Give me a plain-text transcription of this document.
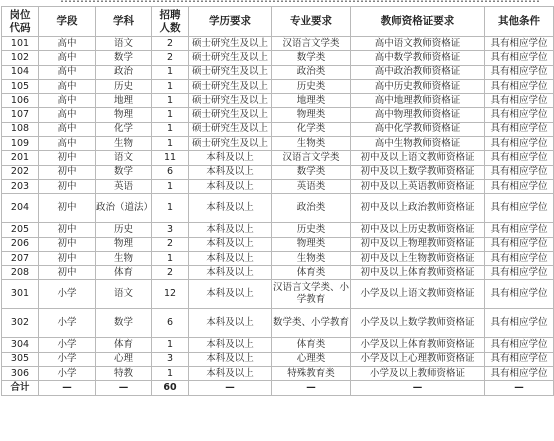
岗位代码	学段	学科	招聘人数	学历要求	专业要求	教师资格证要求	其他条件
101	高中	语文	2	硕士研究生及以上	汉语言文学类	高中语文教师资格证	具有相应学位
102	高中	数学	2	硕士研究生及以上	数学类	高中数学教师资格证	具有相应学位
104	高中	政治	1	硕士研究生及以上	政治类	高中政治教师资格证	具有相应学位
105	高中	历史	1	硕士研究生及以上	历史类	高中历史教师资格证	具有相应学位
106	高中	地理	1	硕士研究生及以上	地理类	高中地理教师资格证	具有相应学位
107	高中	物理	1	硕士研究生及以上	物理类	高中物理教师资格证	具有相应学位
108	高中	化学	1	硕士研究生及以上	化学类	高中化学教师资格证	具有相应学位
109	高中	生物	1	硕士研究生及以上	生物类	高中生物教师资格证	具有相应学位
201	初中	语文	11	本科及以上	汉语言文学类	初中及以上语文教师资格证	具有相应学位
202	初中	数学	6	本科及以上	数学类	初中及以上数学教师资格证	具有相应学位
203	初中	英语	1	本科及以上	英语类	初中及以上英语教师资格证	具有相应学位
204	初中	政治（道法）	1	本科及以上	政治类	初中及以上政治教师资格证	具有相应学位
205	初中	历史	3	本科及以上	历史类	初中及以上历史教师资格证	具有相应学位
206	初中	物理	2	本科及以上	物理类	初中及以上物理教师资格证	具有相应学位
207	初中	生物	1	本科及以上	生物类	初中及以上生物教师资格证	具有相应学位
208	初中	体育	2	本科及以上	体育类	初中及以上体育教师资格证	具有相应学位
301	小学	语文	12	本科及以上	汉语言文学类、小学教育	小学及以上语文教师资格证	具有相应学位
302	小学	数学	6	本科及以上	数学类、小学教育	小学及以上数学教师资格证	具有相应学位
304	小学	体育	1	本科及以上	体育类	小学及以上体育教师资格证	具有相应学位
305	小学	心理	3	本科及以上	心理类	小学及以上心理教师资格证	具有相应学位
306	小学	特教	1	本科及以上	特殊教育类	小学及以上教师资格证	具有相应学位
合计	—	—	60	—	—	—	—
